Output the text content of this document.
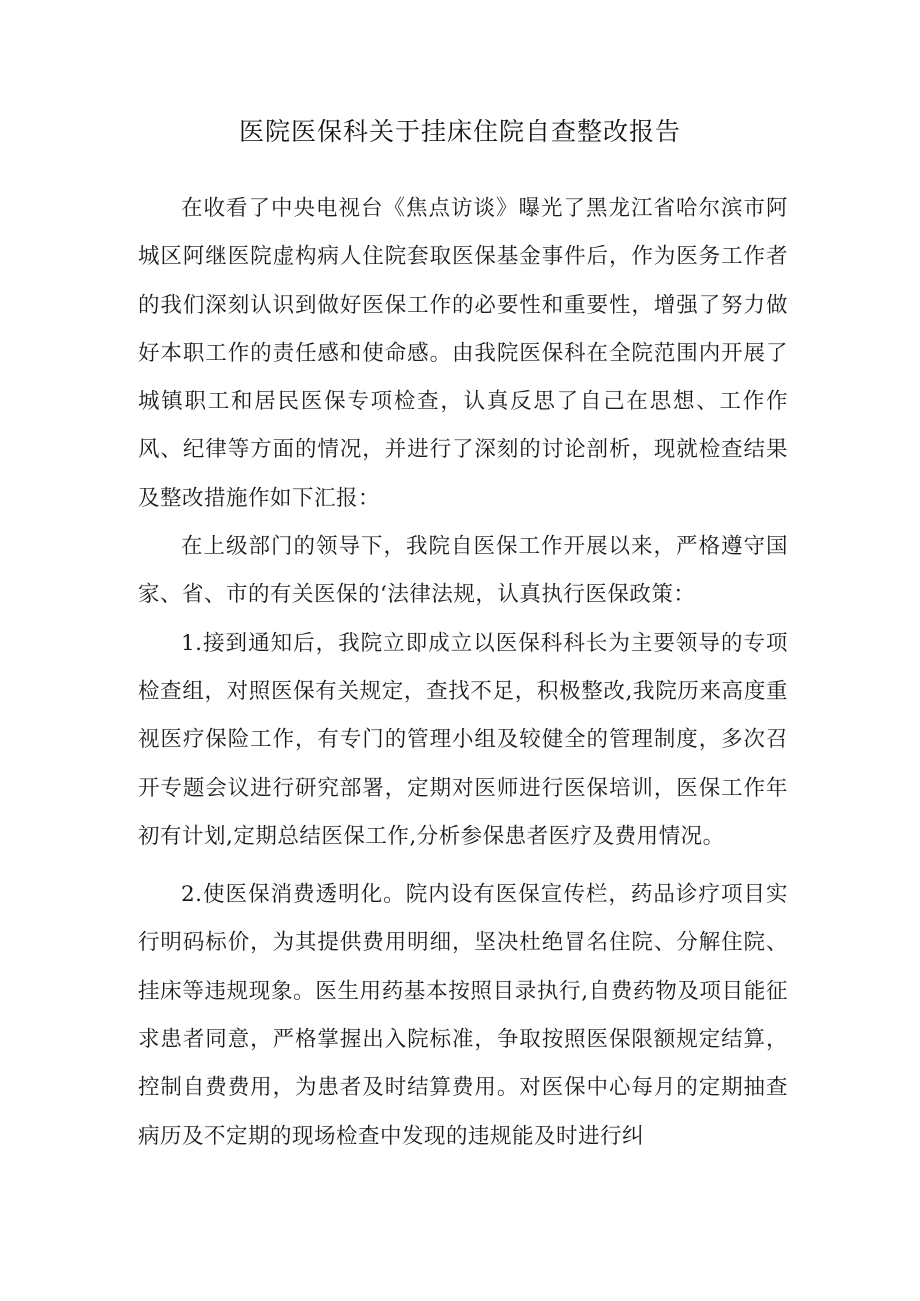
医院医保科关于挂床住院自查整改报告

在收看了中央电视台《焦点访谈》曝光了黑龙江省哈尔滨市阿城区阿继医院虚构病人住院套取医保基金事件后，作为医务工作者的我们深刻认识到做好医保工作的必要性和重要性，增强了努力做好本职工作的责任感和使命感。由我院医保科在全院范围内开展了城镇职工和居民医保专项检查，认真反思了自己在思想、工作作风、纪律等方面的情况，并进行了深刻的讨论剖析，现就检查结果及整改措施作如下汇报：

在上级部门的领导下，我院自医保工作开展以来，严格遵守国家、省、市的有关医保的‘法律法规，认真执行医保政策：

1.接到通知后，我院立即成立以医保科科长为主要领导的专项检查组，对照医保有关规定，查找不足，积极整改,我院历来高度重视医疗保险工作，有专门的管理小组及较健全的管理制度，多次召开专题会议进行研究部署，定期对医师进行医保培训，医保工作年初有计划,定期总结医保工作,分析参保患者医疗及费用情况。

2.使医保消费透明化。院内设有医保宣传栏，药品诊疗项目实行明码标价，为其提供费用明细，坚决杜绝冒名住院、分解住院、挂床等违规现象。医生用药基本按照目录执行,自费药物及项目能征求患者同意，严格掌握出入院标准，争取按照医保限额规定结算，控制自费费用，为患者及时结算费用。对医保中心每月的定期抽查病历及不定期的现场检查中发现的违规能及时进行纠
